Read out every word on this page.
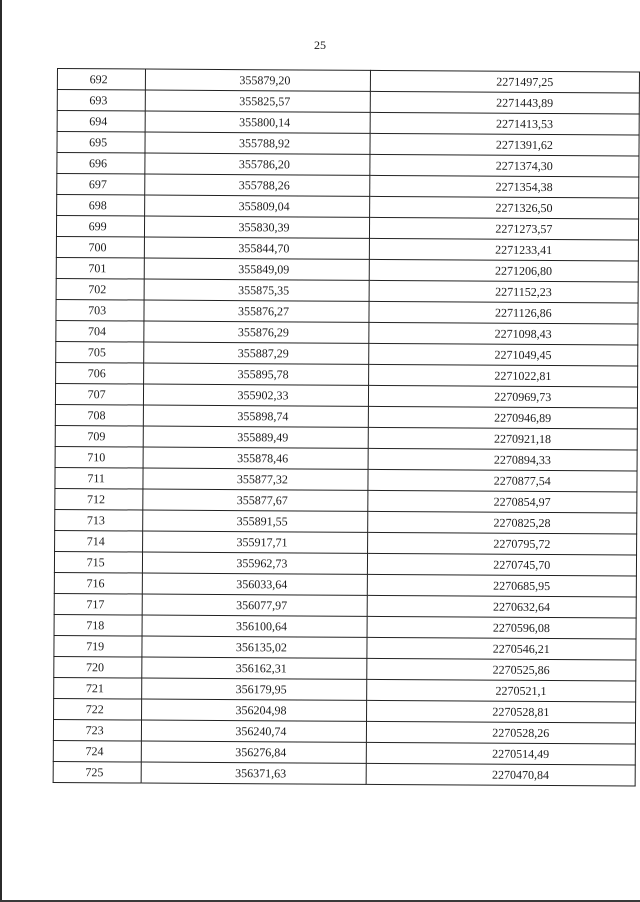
25
692	355879,20	2271497,25
693	355825,57	2271443,89
694	355800,14	2271413,53
695	355788,92	2271391,62
696	355786,20	2271374,30
697	355788,26	2271354,38
698	355809,04	2271326,50
699	355830,39	2271273,57
700	355844,70	2271233,41
701	355849,09	2271206,80
702	355875,35	2271152,23
703	355876,27	2271126,86
704	355876,29	2271098,43
705	355887,29	2271049,45
706	355895,78	2271022,81
707	355902,33	2270969,73
708	355898,74	2270946,89
709	355889,49	2270921,18
710	355878,46	2270894,33
711	355877,32	2270877,54
712	355877,67	2270854,97
713	355891,55	2270825,28
714	355917,71	2270795,72
715	355962,73	2270745,70
716	356033,64	2270685,95
717	356077,97	2270632,64
718	356100,64	2270596,08
719	356135,02	2270546,21
720	356162,31	2270525,86
721	356179,95	2270521,1
722	356204,98	2270528,81
723	356240,74	2270528,26
724	356276,84	2270514,49
725	356371,63	2270470,84
